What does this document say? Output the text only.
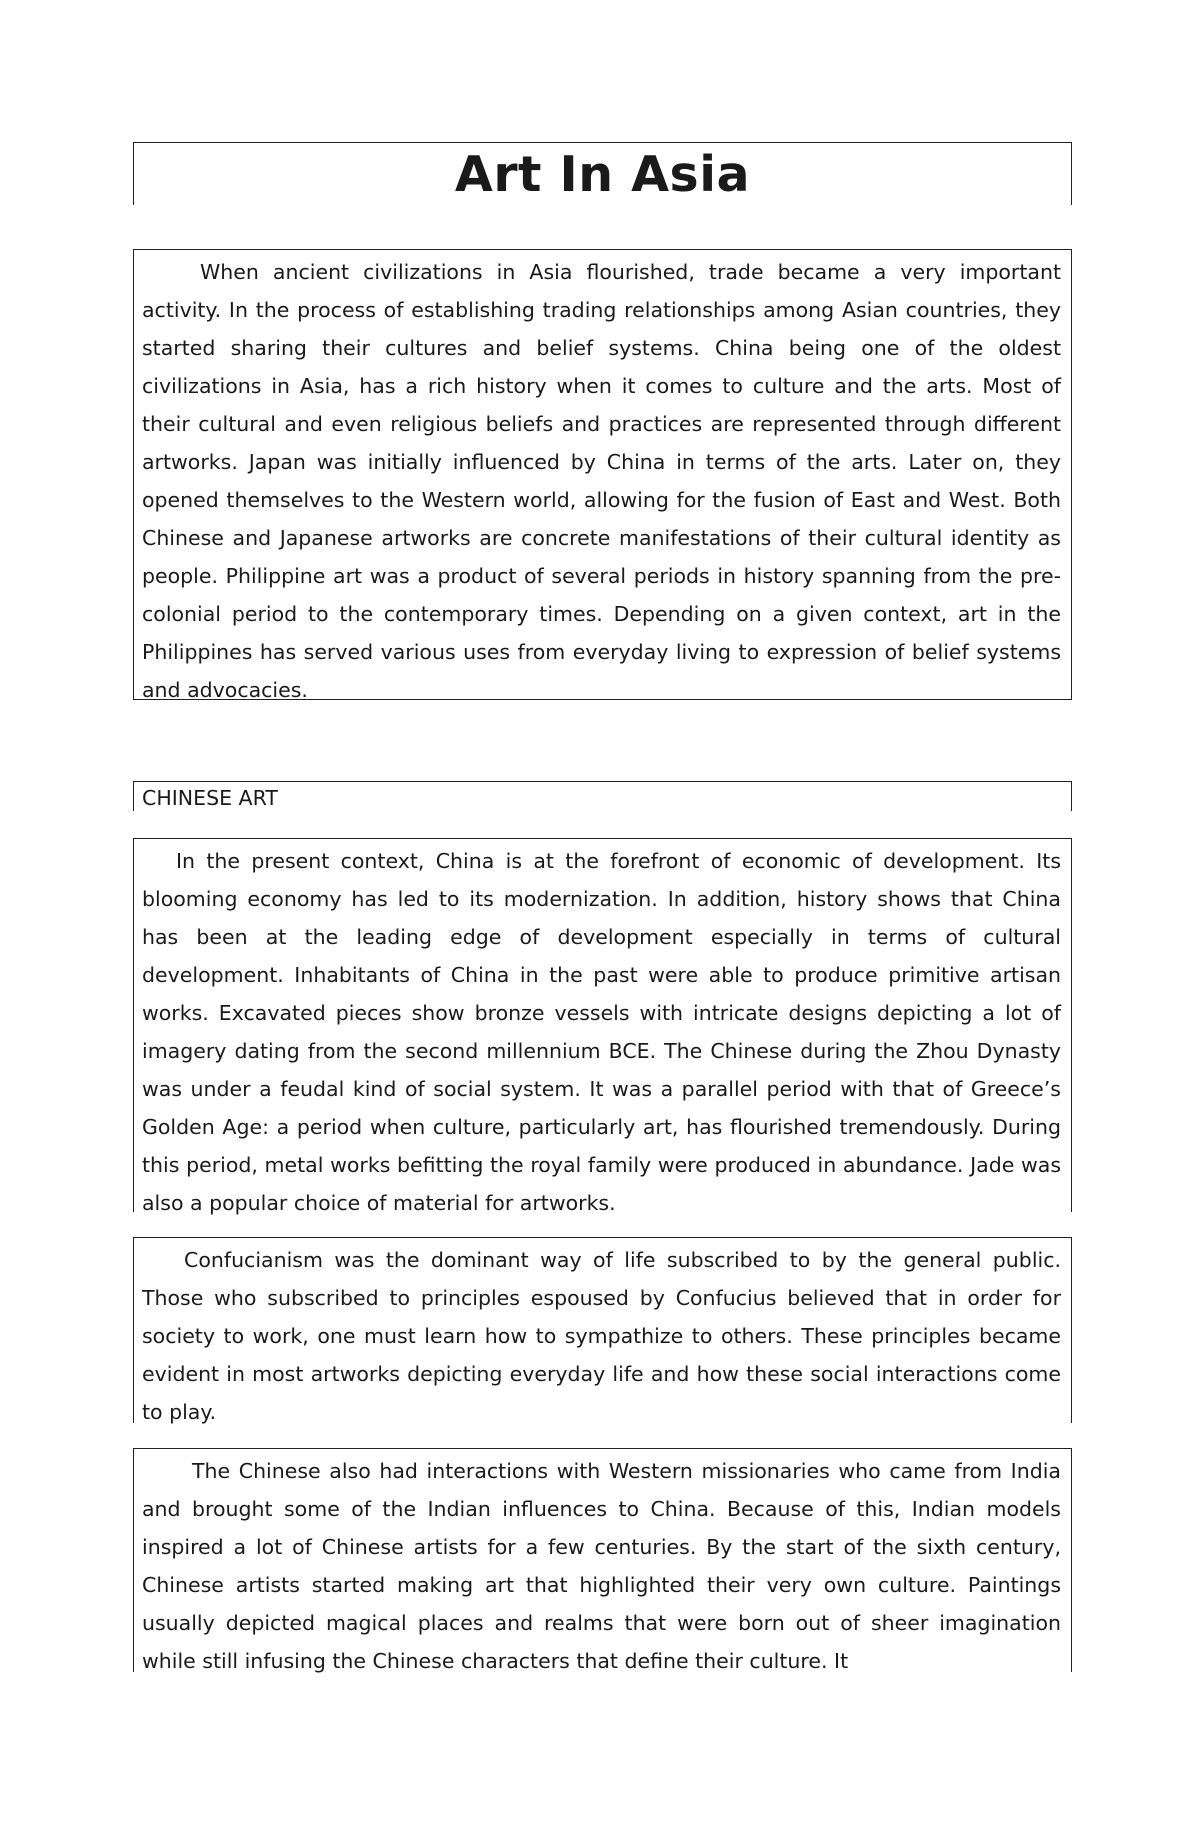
Art In Asia

When ancient civilizations in Asia flourished, trade became a very important activity. In the process of establishing trading relationships among Asian countries, they started sharing their cultures and belief systems. China being one of the oldest civilizations in Asia, has a rich history when it comes to culture and the arts. Most of their cultural and even religious beliefs and practices are represented through different artworks. Japan was initially influenced by China in terms of the arts. Later on, they opened themselves to the Western world, allowing for the fusion of East and West. Both Chinese and Japanese artworks are concrete manifestations of their cultural identity as people. Philippine art was a product of several periods in history spanning from the pre-colonial period to the contemporary times. Depending on a given context, art in the Philippines has served various uses from everyday living to expression of belief systems and advocacies.

CHINESE ART

In the present context, China is at the forefront of economic of development. Its blooming economy has led to its modernization. In addition, history shows that China has been at the leading edge of development especially in terms of cultural development. Inhabitants of China in the past were able to produce primitive artisan works. Excavated pieces show bronze vessels with intricate designs depicting a lot of imagery dating from the second millennium BCE. The Chinese during the Zhou Dynasty was under a feudal kind of social system. It was a parallel period with that of Greece’s Golden Age: a period when culture, particularly art, has flourished tremendously. During this period, metal works befitting the royal family were produced in abundance. Jade was also a popular choice of material for artworks.

Confucianism was the dominant way of life subscribed to by the general public. Those who subscribed to principles espoused by Confucius believed that in order for society to work, one must learn how to sympathize to others. These principles became evident in most artworks depicting everyday life and how these social interactions come to play.

The Chinese also had interactions with Western missionaries who came from India and brought some of the Indian influences to China. Because of this, Indian models inspired a lot of Chinese artists for a few centuries. By the start of the sixth century, Chinese artists started making art that highlighted their very own culture. Paintings usually depicted magical places and realms that were born out of sheer imagination while still infusing the Chinese characters that define their culture. It
